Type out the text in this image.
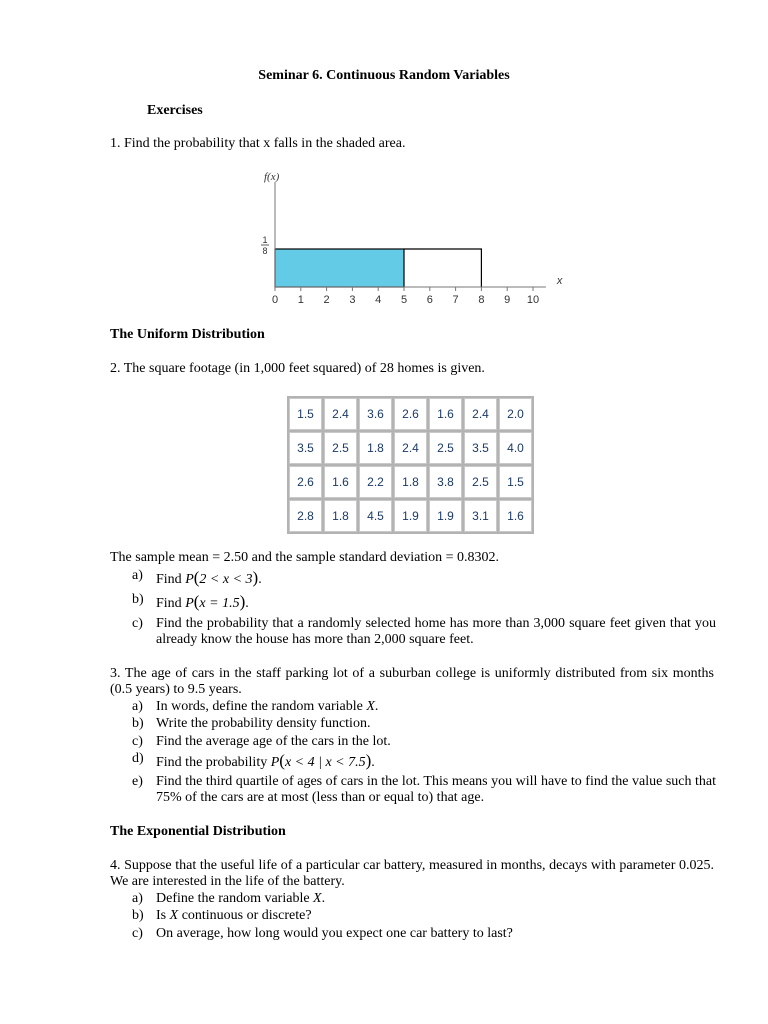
Seminar 6. Continuous Random Variables
Exercises
1. Find the probability that x falls in the shaded area.
0 1 2 3 4 5 6 7 8 9 10
x
f(x)
1
8
The Uniform Distribution
2. The square footage (in 1,000 feet squared) of 28 homes is given.
1.5	2.4	3.6	2.6	1.6	2.4	2.0
3.5	2.5	1.8	2.4	2.5	3.5	4.0
2.6	1.6	2.2	1.8	3.8	2.5	1.5
2.8	1.8	4.5	1.9	1.9	3.1	1.6
The sample mean = 2.50 and the sample standard deviation = 0.8302.
a) Find P(2 < x < 3).
b) Find P(x = 1.5).
c) Find the probability that a randomly selected home has more than 3,000 square feet given that you already know the house has more than 2,000 square feet.
3. The age of cars in the staff parking lot of a suburban college is uniformly distributed from six months (0.5 years) to 9.5 years.
a) In words, define the random variable X.
b) Write the probability density function.
c) Find the average age of the cars in the lot.
d) Find the probability P(x < 4 | x < 7.5).
e) Find the third quartile of ages of cars in the lot. This means you will have to find the value such that 75% of the cars are at most (less than or equal to) that age.
The Exponential Distribution
4. Suppose that the useful life of a particular car battery, measured in months, decays with parameter 0.025. We are interested in the life of the battery.
a) Define the random variable X.
b) Is X continuous or discrete?
c) On average, how long would you expect one car battery to last?
